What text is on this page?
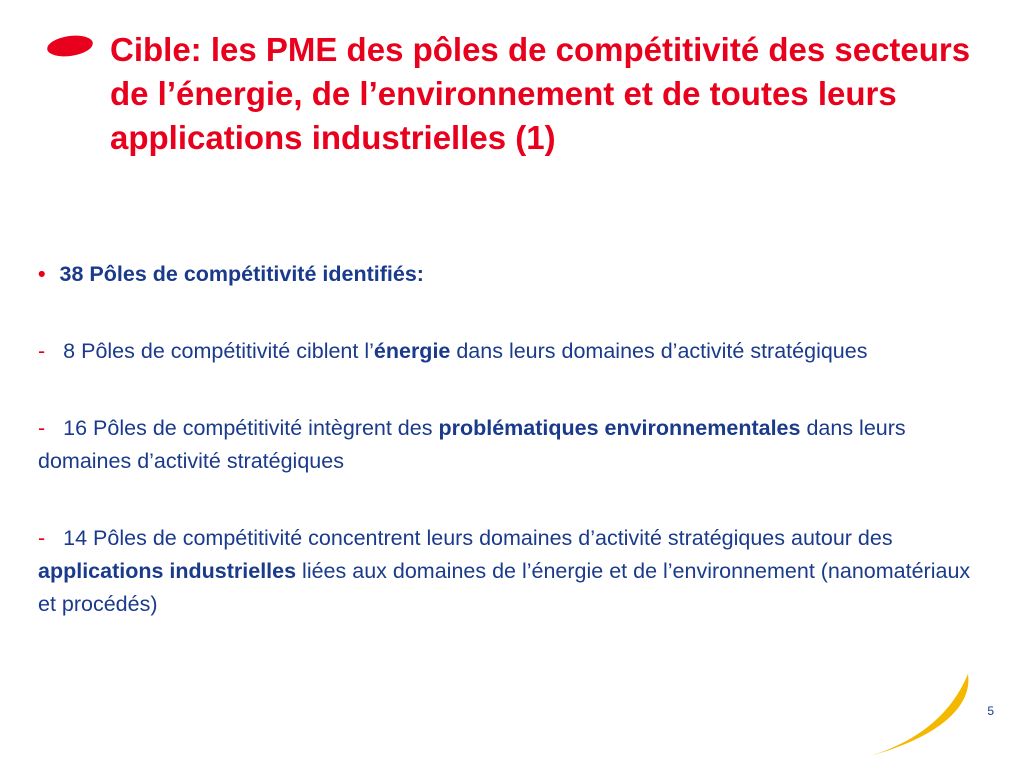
Cible: les PME des pôles de compétitivité des secteurs de l’énergie, de l’environnement et de toutes leurs applications industrielles (1)

• 38 Pôles de compétitivité identifiés:

- 8 Pôles de compétitivité ciblent l’énergie dans leurs domaines d’activité stratégiques

- 16 Pôles de compétitivité intègrent des problématiques environnementales dans leurs domaines d’activité stratégiques

- 14 Pôles de compétitivité concentrent leurs domaines d’activité stratégiques autour des applications industrielles liées aux domaines de l’énergie et de l’environnement (nanomatériaux et procédés)

5
